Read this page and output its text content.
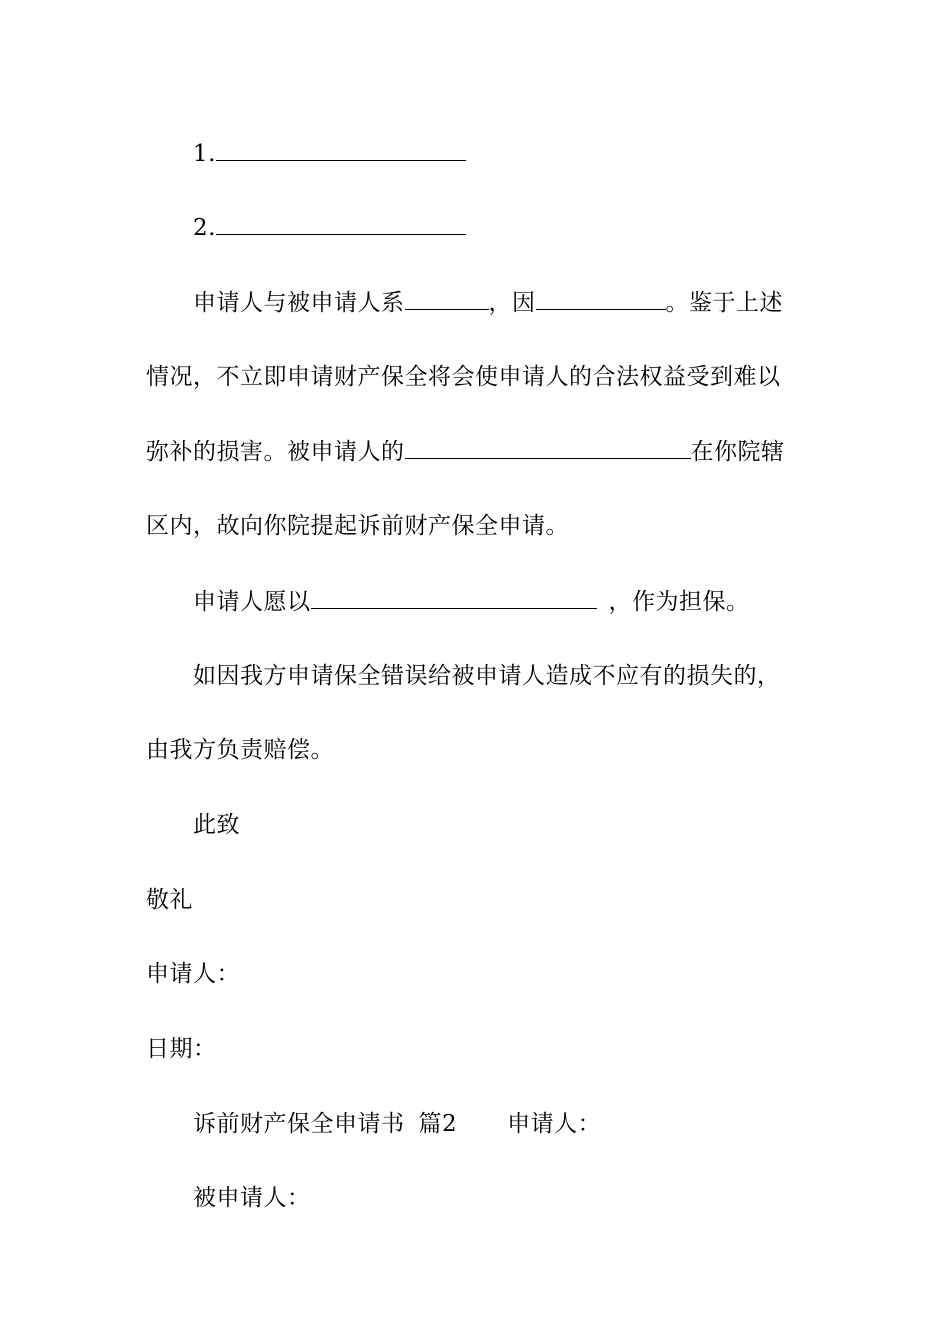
1.
2.
申请人与被申请人系	，因	。鉴于上述
情况，不立即申请财产保全将会使申请人的合法权益受到难以
弥补的损害。被申请人的	在你院辖
区内，故向你院提起诉前财产保全申请。
申请人愿以	，作为担保。
如因我方申请保全错误给被申请人造成不应有的损失的，
由我方负责赔偿。
此致
敬礼
申请人：
日期：
诉前财产保全申请书 篇2 申请人：
被申请人：
